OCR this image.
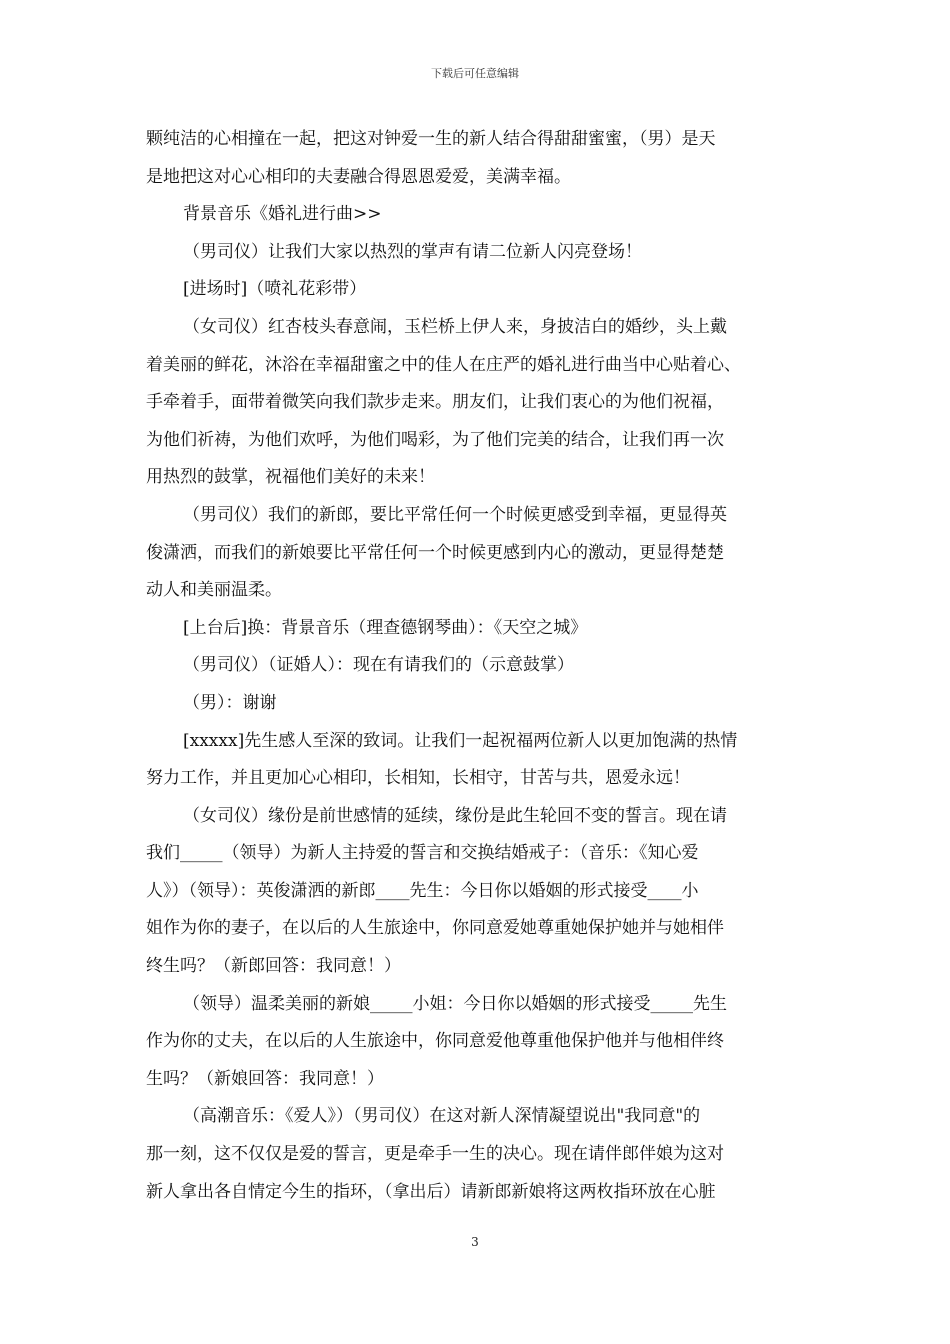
下载后可任意编辑

颗纯洁的心相撞在一起，把这对钟爱一生的新人结合得甜甜蜜蜜，（男）是天

是地把这对心心相印的夫妻融合得恩恩爱爱，美满幸福。

背景音乐《婚礼进行曲>>

（男司仪）让我们大家以热烈的掌声有请二位新人闪亮登场！

[进场时]（喷礼花彩带）

（女司仪）红杏枝头春意闹，玉栏桥上伊人来，身披洁白的婚纱，头上戴

着美丽的鲜花，沐浴在幸福甜蜜之中的佳人在庄严的婚礼进行曲当中心贴着心、

手牵着手，面带着微笑向我们款步走来。朋友们，让我们衷心的为他们祝福，

为他们祈祷，为他们欢呼，为他们喝彩，为了他们完美的结合，让我们再一次

用热烈的鼓掌，祝福他们美好的未来！

（男司仪）我们的新郎，要比平常任何一个时候更感受到幸福，更显得英

俊潇洒，而我们的新娘要比平常任何一个时候更感到内心的激动，更显得楚楚

动人和美丽温柔。

[上台后]换：背景音乐（理查德钢琴曲）：《天空之城》

（男司仪）（证婚人）：现在有请我们的（示意鼓掌）

（男）：谢谢

[xxxxx]先生感人至深的致词。让我们一起祝福两位新人以更加饱满的热情

努力工作，并且更加心心相印，长相知，长相守，甘苦与共，恩爱永远！

（女司仪）缘份是前世感情的延续，缘份是此生轮回不变的誓言。现在请

我们_____（领导）为新人主持爱的誓言和交换结婚戒子：（音乐：《知心爱

人》）（领导）：英俊潇洒的新郎____先生：今日你以婚姻的形式接受____小

姐作为你的妻子，在以后的人生旅途中，你同意爱她尊重她保护她并与她相伴

终生吗？（新郎回答：我同意！）

（领导）温柔美丽的新娘_____小姐：今日你以婚姻的形式接受_____先生

作为你的丈夫，在以后的人生旅途中，你同意爱他尊重他保护他并与他相伴终

生吗？（新娘回答：我同意！）

（高潮音乐：《爱人》）（男司仪）在这对新人深情凝望说出"我同意"的

那一刻，这不仅仅是爱的誓言，更是牵手一生的决心。现在请伴郎伴娘为这对

新人拿出各自情定今生的指环，（拿出后）请新郎新娘将这两枚指环放在心脏

3
